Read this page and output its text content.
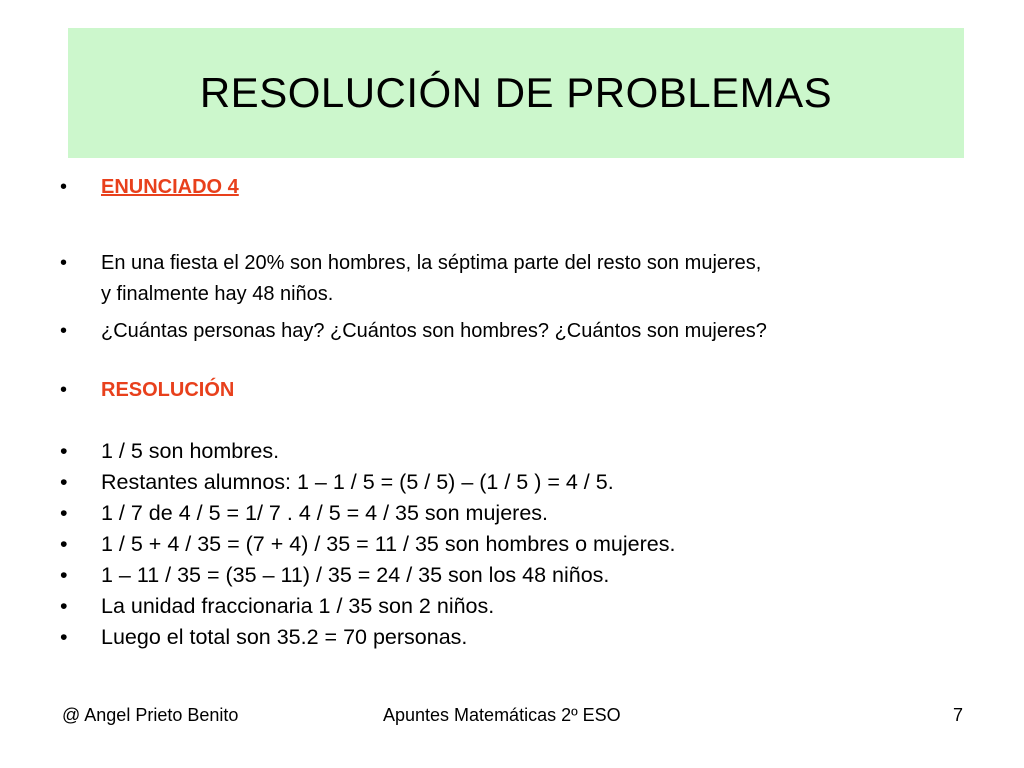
RESOLUCIÓN DE PROBLEMAS
•	ENUNCIADO 4
•	En una fiesta el 20% son hombres, la séptima parte del resto son mujeres,
y finalmente hay 48 niños.
•	¿Cuántas personas hay? ¿Cuántos son hombres? ¿Cuántos son mujeres?
•	RESOLUCIÓN
•	1 / 5 son hombres.
•	Restantes alumnos: 1 – 1 / 5 = (5 / 5) – (1 / 5 ) = 4 / 5.
•	1 / 7 de 4 / 5 = 1/ 7 . 4 / 5 = 4 / 35 son mujeres.
•	1 / 5 + 4 / 35 = (7 + 4) / 35 = 11 / 35 son hombres o mujeres.
•	1 – 11 / 35 = (35 – 11) / 35 = 24 / 35 son los 48 niños.
•	La unidad fraccionaria 1 / 35 son 2 niños.
•	Luego el total son 35.2 = 70 personas.
@ Angel Prieto Benito	Apuntes Matemáticas 2º ESO	7
